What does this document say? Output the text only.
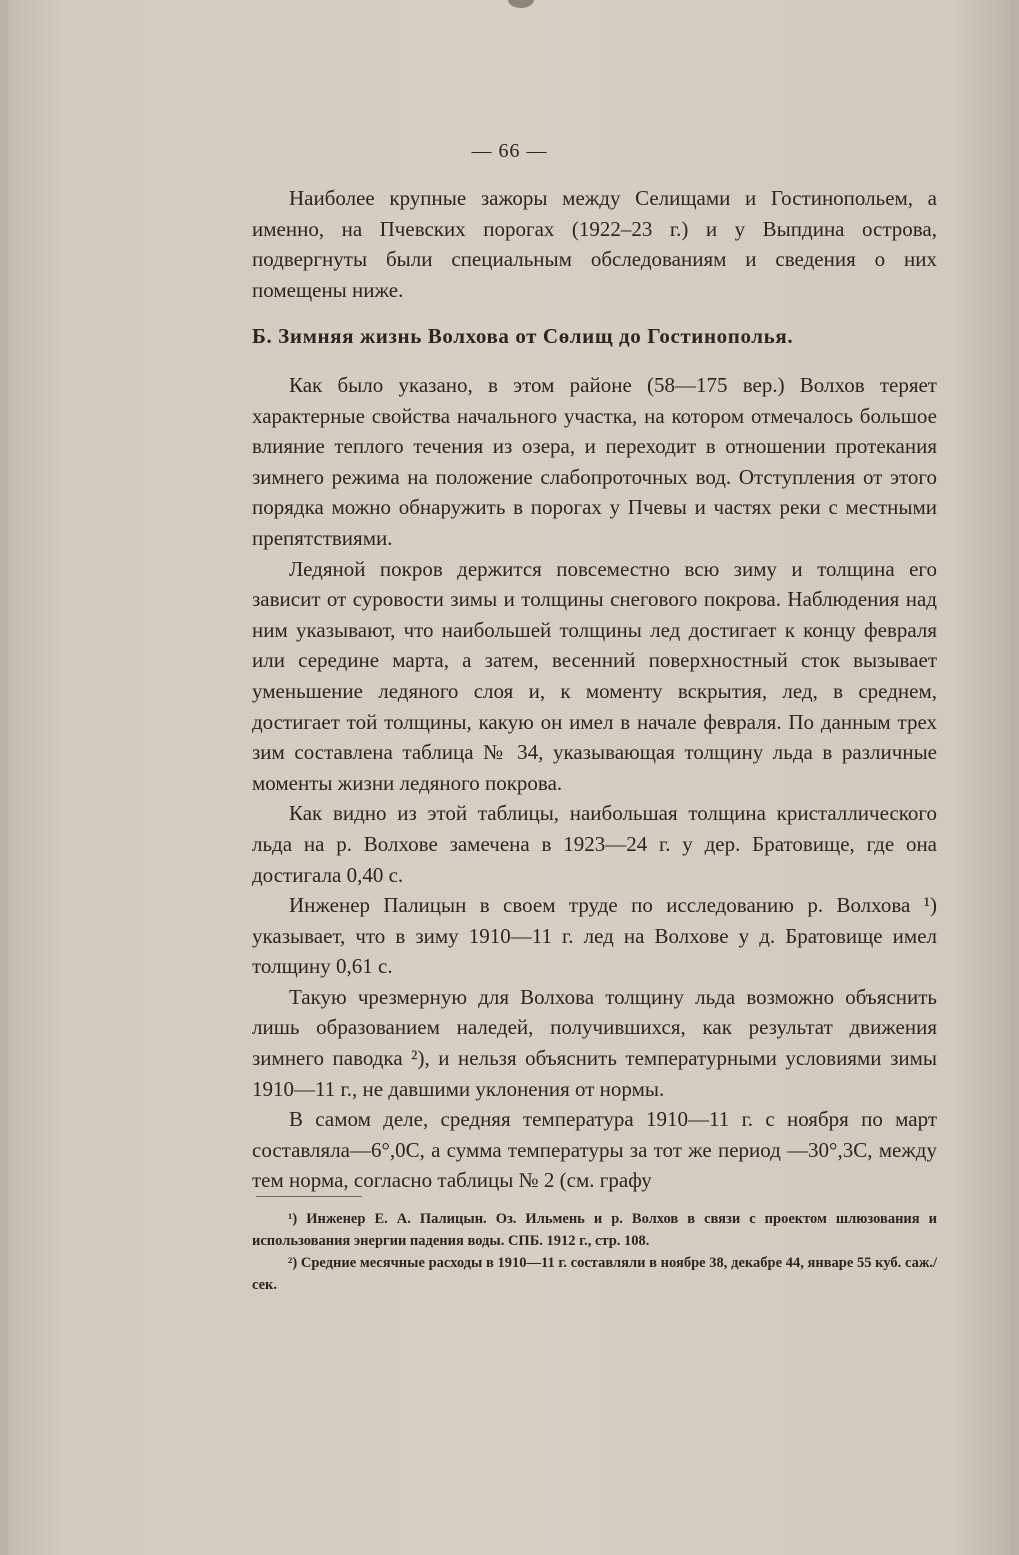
— 66 —

Наиболее крупные зажоры между Селищами и Гостинопольем, а именно, на Пчевских порогах (1922–23 г.) и у Выпдина острова, подвергнуты были специальным обследованиям и сведения о них помещены ниже.

Б. Зимняя жизнь Волхова от Сөлищ до Гостинополья.

Как было указано, в этом районе (58—175 вер.) Волхов теряет характерные свойства начального участка, на котором отмечалось большое влияние теплого течения из озера, и переходит в отношении протекания зимнего режима на положение слабопроточных вод. Отступления от этого порядка можно обнаружить в порогах у Пчевы и частях реки с местными препятствиями.

Ледяной покров держится повсеместно всю зиму и толщина его зависит от суровости зимы и толщины снегового покрова. Наблюдения над ним указывают, что наибольшей толщины лед достигает к концу февраля или середине марта, а затем, весенний поверхностный сток вызывает уменьшение ледяного слоя и, к моменту вскрытия, лед, в среднем, достигает той толщины, какую он имел в начале февраля. По данным трех зим составлена таблица № 34, указывающая толщину льда в различные моменты жизни ледяного покрова.

Как видно из этой таблицы, наибольшая толщина кристаллического льда на р. Волхове замечена в 1923—24 г. у дер. Братовище, где она достигала 0,40 с.

Инженер Палицын в своем труде по исследованию р. Волхова ¹) указывает, что в зиму 1910—11 г. лед на Волхове у д. Братовище имел толщину 0,61 с.

Такую чрезмерную для Волхова толщину льда возможно объяснить лишь образованием наледей, получившихся, как результат движения зимнего паводка ²), и нельзя объяснить температурными условиями зимы 1910—11 г., не давшими уклонения от нормы.

В самом деле, средняя температура 1910—11 г. с ноября по март составляла—6°,0С, а сумма температуры за тот же период —30°,3С, между тем норма, согласно таблицы № 2 (см. графу

¹) Инженер Е. А. Палицын. Оз. Ильмень и р. Волхов в связи с проектом шлюзования и использования энергии падения воды. СПБ. 1912 г., стр. 108.

²) Средние месячные расходы в 1910—11 г. составляли в ноябре 38, декабре 44, январе 55 куб. саж./сек.
